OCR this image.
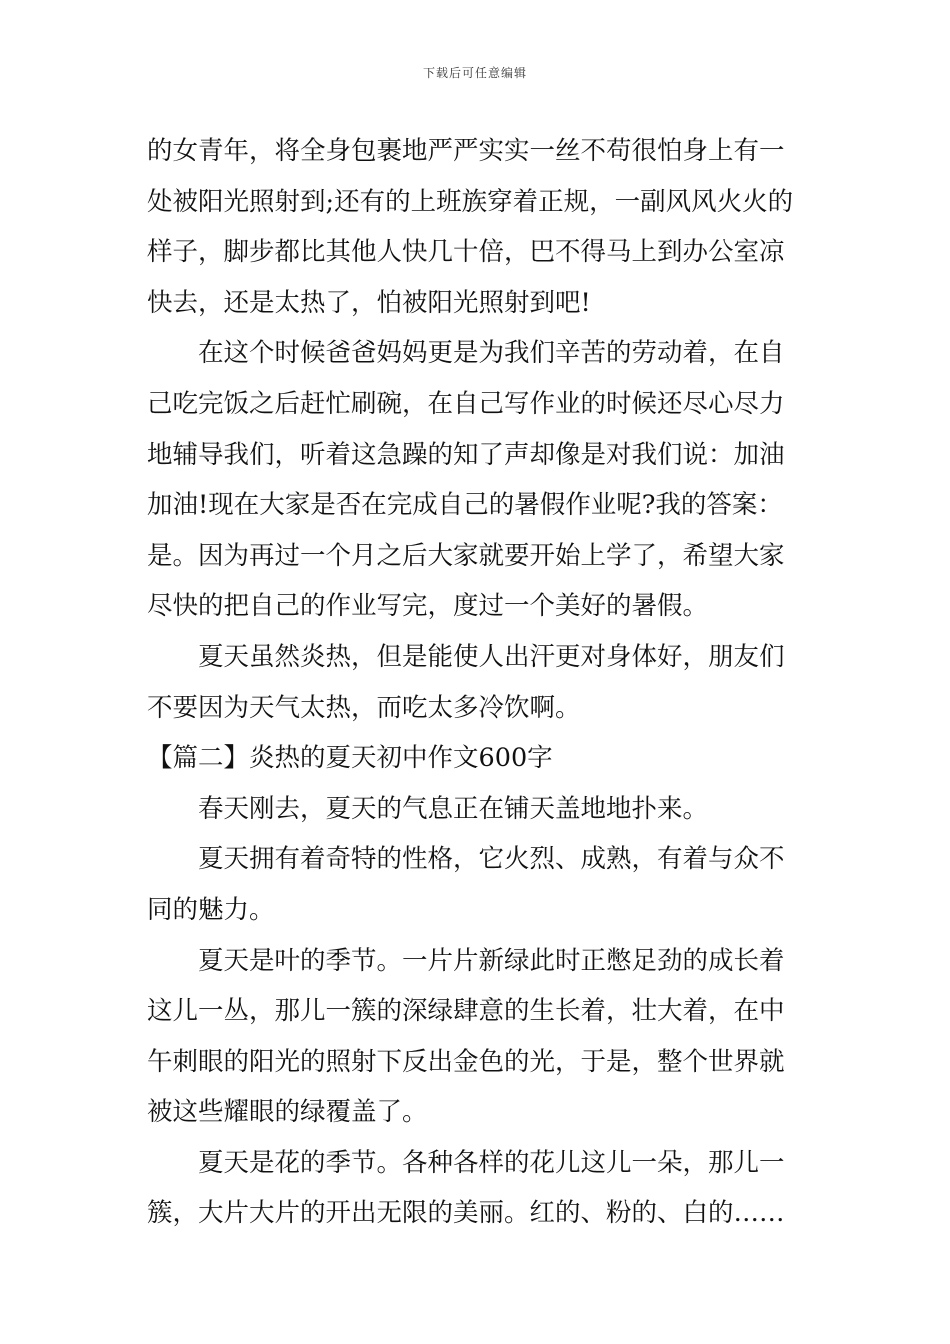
下载后可任意编辑
的女青年，将全身包裹地严严实实一丝不苟很怕身上有一
处被阳光照射到;还有的上班族穿着正规，一副风风火火的
样子，脚步都比其他人快几十倍，巴不得马上到办公室凉
快去，还是太热了，怕被阳光照射到吧!
在这个时候爸爸妈妈更是为我们辛苦的劳动着，在自
己吃完饭之后赶忙刷碗，在自己写作业的时候还尽心尽力
地辅导我们，听着这急躁的知了声却像是对我们说：加油
加油!现在大家是否在完成自己的暑假作业呢?我的答案：
是。因为再过一个月之后大家就要开始上学了，希望大家
尽快的把自己的作业写完，度过一个美好的暑假。
夏天虽然炎热，但是能使人出汗更对身体好，朋友们
不要因为天气太热，而吃太多冷饮啊。
【篇二】炎热的夏天初中作文600字
春天刚去，夏天的气息正在铺天盖地地扑来。
夏天拥有着奇特的性格，它火烈、成熟，有着与众不
同的魅力。
夏天是叶的季节。一片片新绿此时正憋足劲的成长着
这儿一丛，那儿一簇的深绿肆意的生长着，壮大着，在中
午刺眼的阳光的照射下反出金色的光，于是，整个世界就
被这些耀眼的绿覆盖了。
夏天是花的季节。各种各样的花儿这儿一朵，那儿一
簇，大片大片的开出无限的美丽。红的、粉的、白的……
